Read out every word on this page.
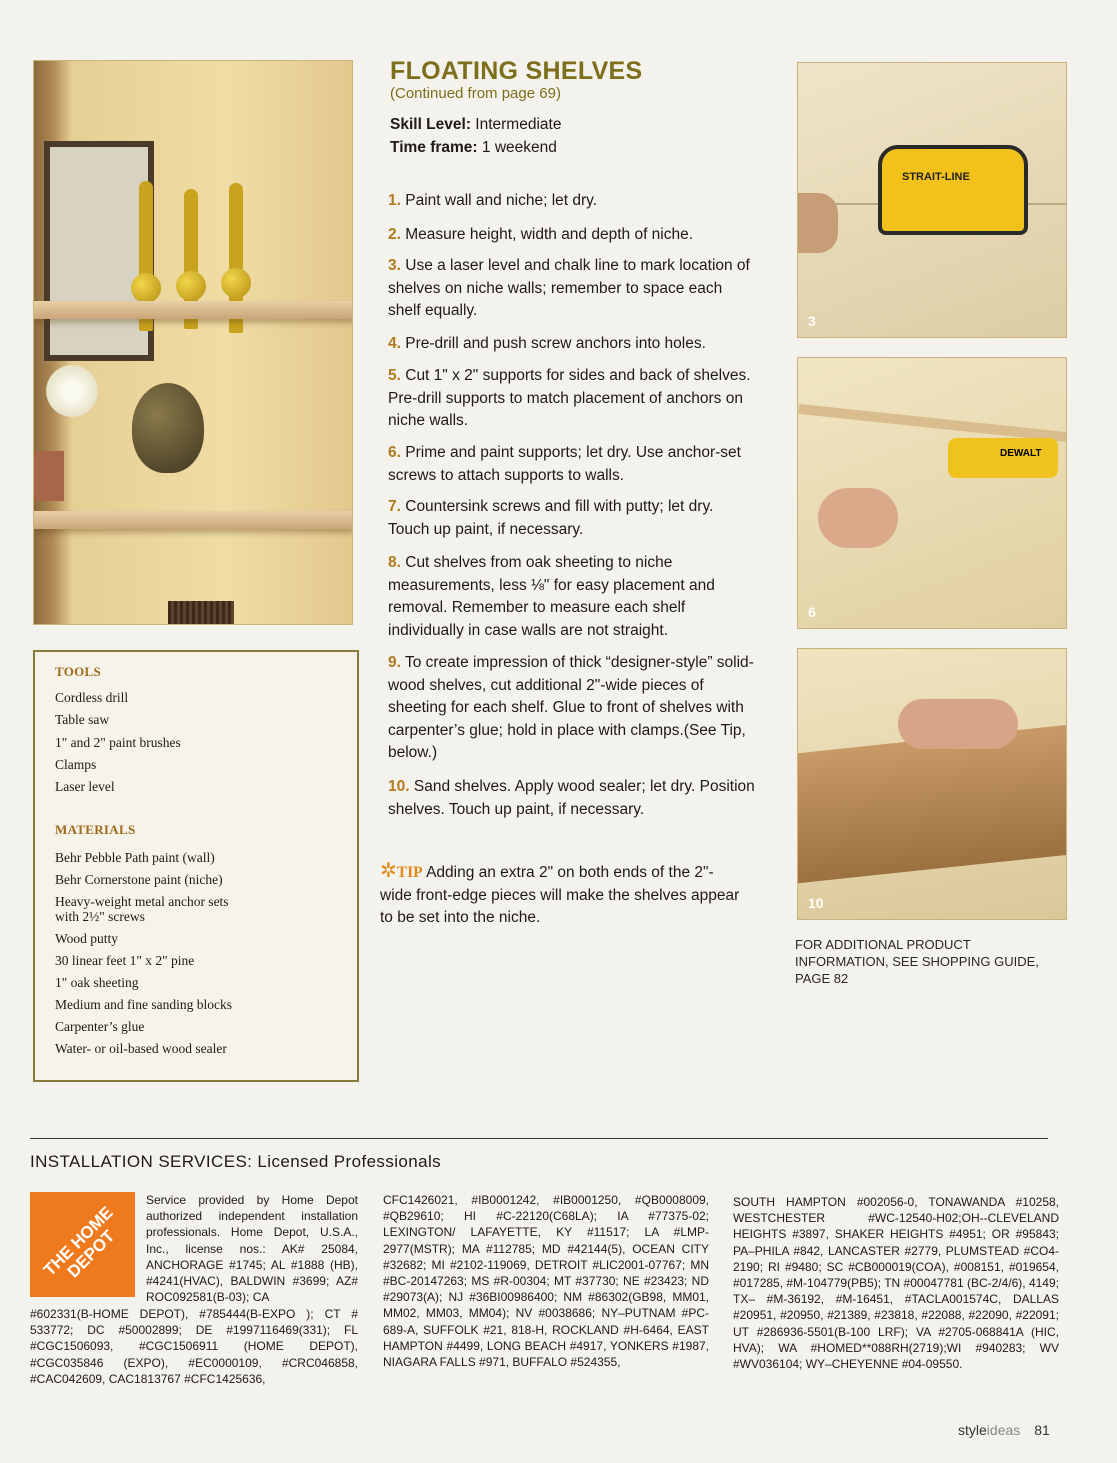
FLOATING SHELVES
(Continued from page 69)
Skill Level: Intermediate
Time frame: 1 weekend
1. Paint wall and niche; let dry.
2. Measure height, width and depth of niche.
3. Use a laser level and chalk line to mark location of shelves on niche walls; remember to space each shelf equally.
4. Pre-drill and push screw anchors into holes.
5. Cut 1" x 2" supports for sides and back of shelves. Pre-drill supports to match placement of anchors on niche walls.
6. Prime and paint supports; let dry. Use anchor-set screws to attach supports to walls.
7. Countersink screws and fill with putty; let dry. Touch up paint, if necessary.
8. Cut shelves from oak sheeting to niche measurements, less ⅛" for easy placement and removal. Remember to measure each shelf individually in case walls are not straight.
9. To create impression of thick “designer-style” solid-wood shelves, cut additional 2"-wide pieces of sheeting for each shelf. Glue to front of shelves with carpenter’s glue; hold in place with clamps.(See Tip, below.)
10. Sand shelves. Apply wood sealer; let dry. Position shelves. Touch up paint, if necessary.
✲TIP Adding an extra 2" on both ends of the 2"-wide front-edge pieces will make the shelves appear to be set into the niche.
STRAIT-LINE
3
DEWALT
6
10
FOR ADDITIONAL PRODUCT INFORMATION, SEE SHOPPING GUIDE, PAGE 82
TOOLS
Cordless drill
Table saw
1" and 2" paint brushes
Clamps
Laser level
MATERIALS
Behr Pebble Path paint (wall)
Behr Cornerstone paint (niche)
Heavy-weight metal anchor sets with 2½" screws
Wood putty
30 linear feet 1" x 2" pine
1" oak sheeting
Medium and fine sanding blocks
Carpenter’s glue
Water- or oil-based wood sealer
INSTALLATION SERVICES: Licensed Professionals
THE HOME DEPOT
Service provided by Home Depot authorized independent installation professionals. Home Depot, U.S.A., Inc., license nos.: AK# 25084, ANCHORAGE #1745; AL #1888 (HB), #4241(HVAC), BALDWIN #3699; AZ# ROC092581(B-03); CA
#602331(B-HOME DEPOT), #785444(B-EXPO ); CT # 533772; DC #50002899; DE #1997116469(331); FL #CGC1506093, #CGC1506911 (HOME DEPOT), #CGC035846 (EXPO), #EC0000109, #CRC046858, #CAC042609, CAC1813767 #CFC1425636,
CFC1426021, #IB0001242, #IB0001250, #QB0008009, #QB29610; HI #C-22120(C68LA); IA #77375-02; LEXINGTON/ LAFAYETTE, KY #11517; LA #LMP-2977(MSTR); MA #112785; MD #42144(5), OCEAN CITY #32682; MI #2102-119069, DETROIT #LIC2001-07767; MN #BC-20147263; MS #R-00304; MT #37730; NE #23423; ND #29073(A); NJ #36BI00986400; NM #86302(GB98, MM01, MM02, MM03, MM04); NV #0038686; NY–PUTNAM #PC-689-A, SUFFOLK #21, 818-H, ROCKLAND #H-6464, EAST HAMPTON #4499, LONG BEACH #4917, YONKERS #1987, NIAGARA FALLS #971, BUFFALO #524355,
SOUTH HAMPTON #002056-0, TONAWANDA #10258, WESTCHESTER #WC-12540-H02;OH--CLEVELAND HEIGHTS #3897, SHAKER HEIGHTS #4951; OR #95843; PA–PHILA #842, LANCASTER #2779, PLUMSTEAD #CO4-2190; RI #9480; SC #CB000019(COA), #008151, #019654, #017285, #M-104779(PB5); TN #00047781 (BC-2/4/6), 4149; TX– #M-36192, #M-16451, #TACLA001574C, DALLAS #20951, #20950, #21389, #23818, #22088, #22090, #22091; UT #286936-5501(B-100 LRF); VA #2705-068841A (HIC, HVA); WA #HOMED**088RH(2719);WI #940283; WV #WV036104; WY–CHEYENNE #04-09550.
styleideas 81
